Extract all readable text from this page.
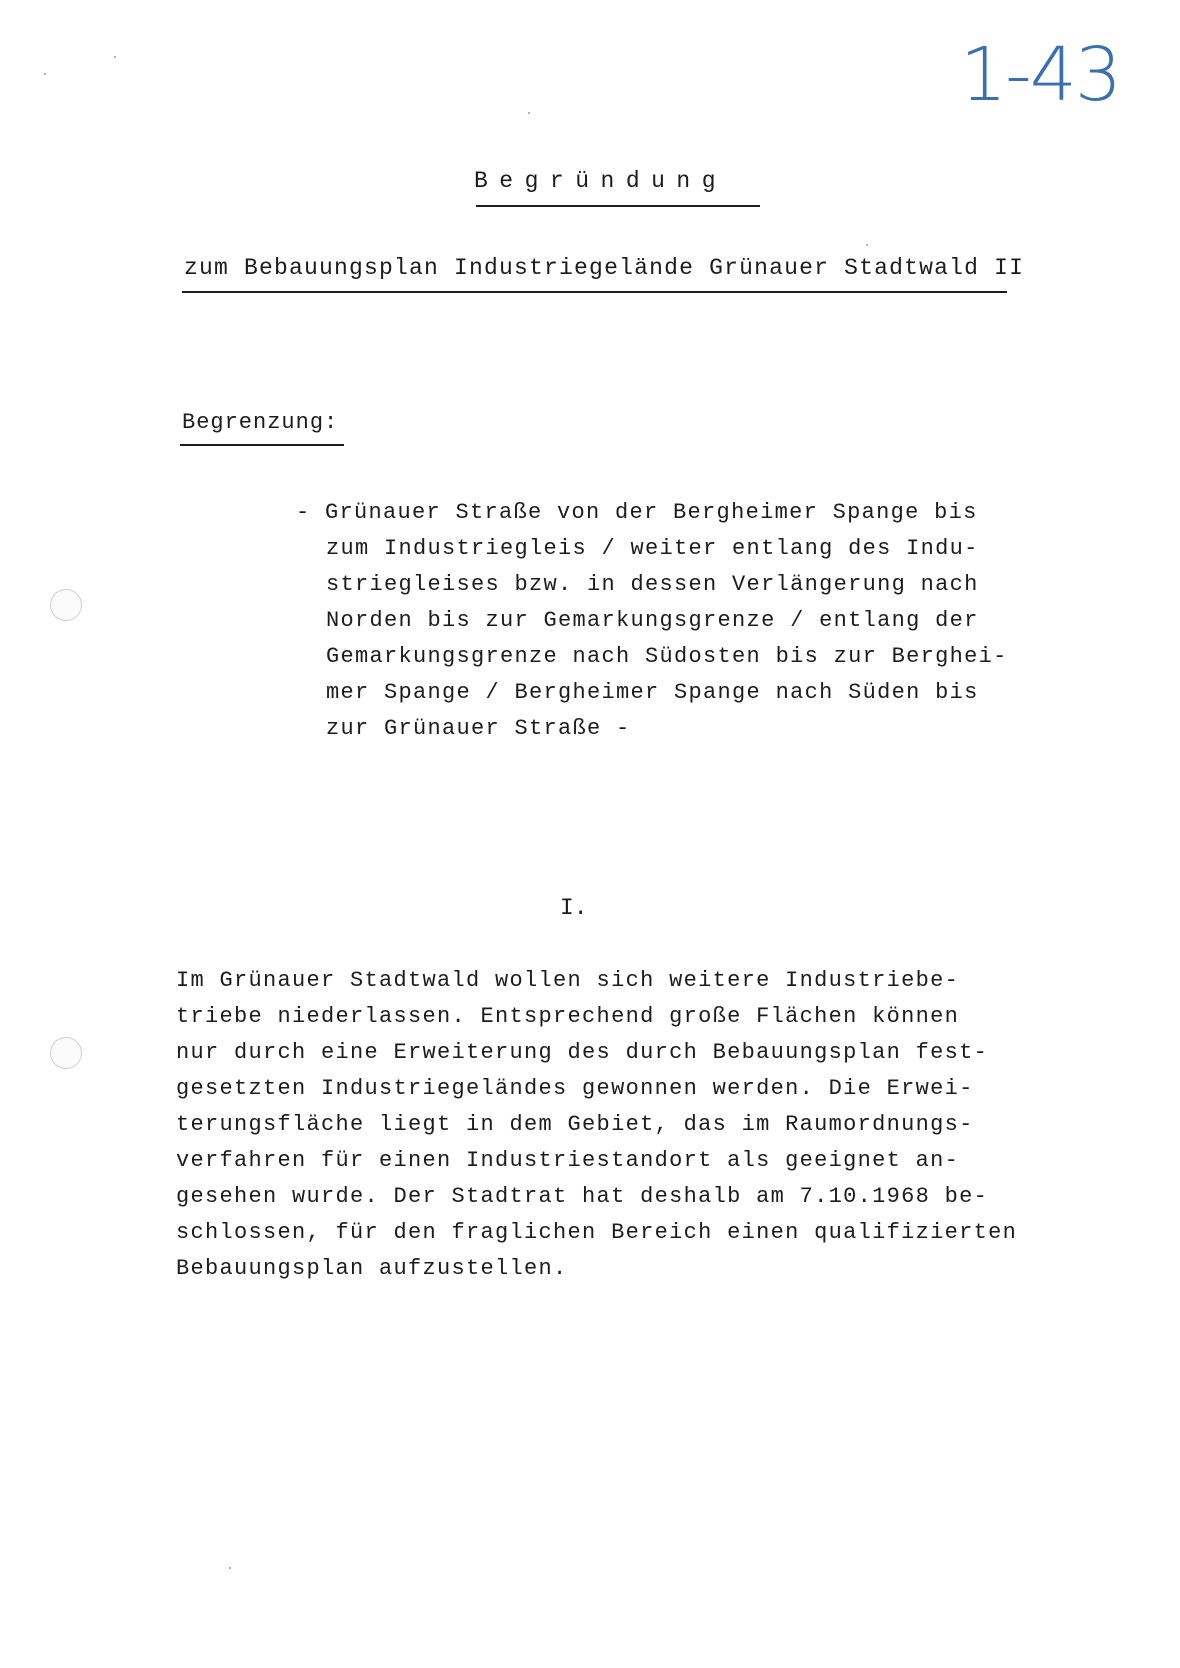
1-43
Begründung
zum Bebauungsplan Industriegelände Grünauer Stadtwald II
Begrenzung:
- Grünauer Straße von der Bergheimer Spange bis
zum Industriegleis / weiter entlang des Indu-
striegleises bzw. in dessen Verlängerung nach
Norden bis zur Gemarkungsgrenze / entlang der
Gemarkungsgrenze nach Südosten bis zur Berghei-
mer Spange / Bergheimer Spange nach Süden bis
zur Grünauer Straße -
I.
Im Grünauer Stadtwald wollen sich weitere Industriebe-
triebe niederlassen. Entsprechend große Flächen können
nur durch eine Erweiterung des durch Bebauungsplan fest-
gesetzten Industriegeländes gewonnen werden. Die Erwei-
terungsfläche liegt in dem Gebiet, das im Raumordnungs-
verfahren für einen Industriestandort als geeignet an-
gesehen wurde. Der Stadtrat hat deshalb am 7.10.1968 be-
schlossen, für den fraglichen Bereich einen qualifizierten
Bebauungsplan aufzustellen.
